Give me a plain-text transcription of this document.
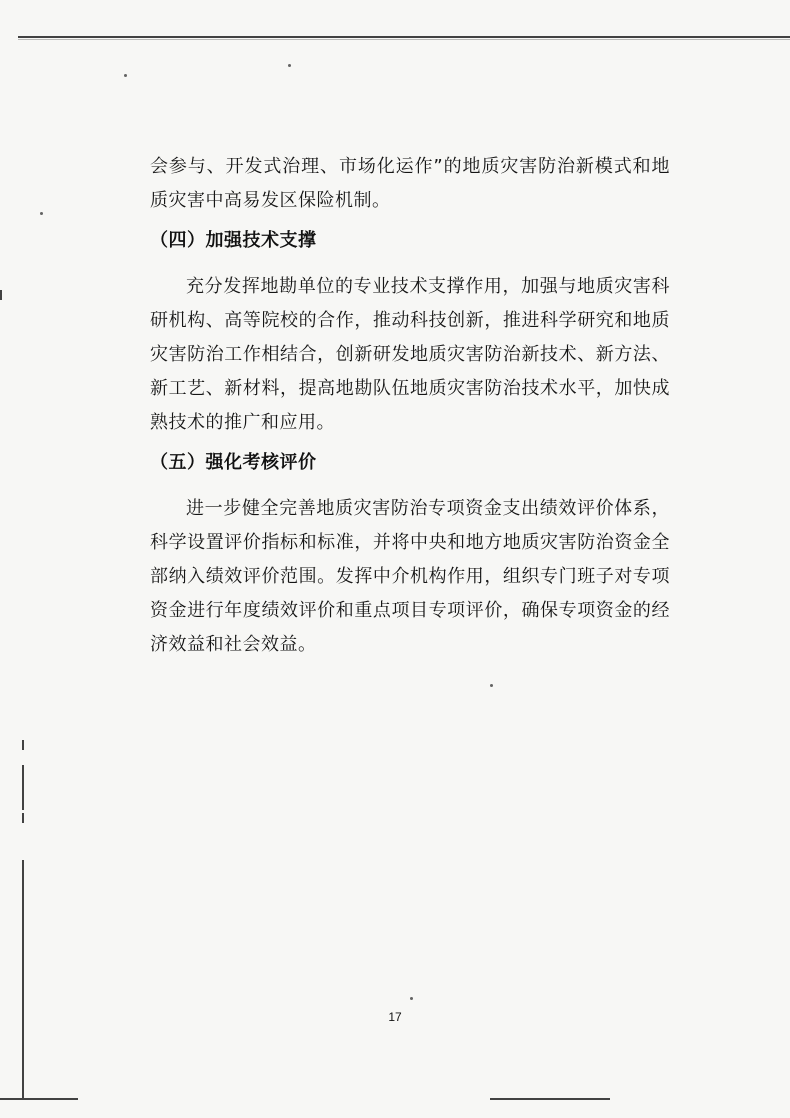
会参与、开发式治理、市场化运作”的地质灾害防治新模式和地质灾害中高易发区保险机制。

（四）加强技术支撑

充分发挥地勘单位的专业技术支撑作用，加强与地质灾害科研机构、高等院校的合作，推动科技创新，推进科学研究和地质灾害防治工作相结合，创新研发地质灾害防治新技术、新方法、新工艺、新材料，提高地勘队伍地质灾害防治技术水平，加快成熟技术的推广和应用。

（五）强化考核评价

进一步健全完善地质灾害防治专项资金支出绩效评价体系，科学设置评价指标和标准，并将中央和地方地质灾害防治资金全部纳入绩效评价范围。发挥中介机构作用，组织专门班子对专项资金进行年度绩效评价和重点项目专项评价，确保专项资金的经济效益和社会效益。

17
